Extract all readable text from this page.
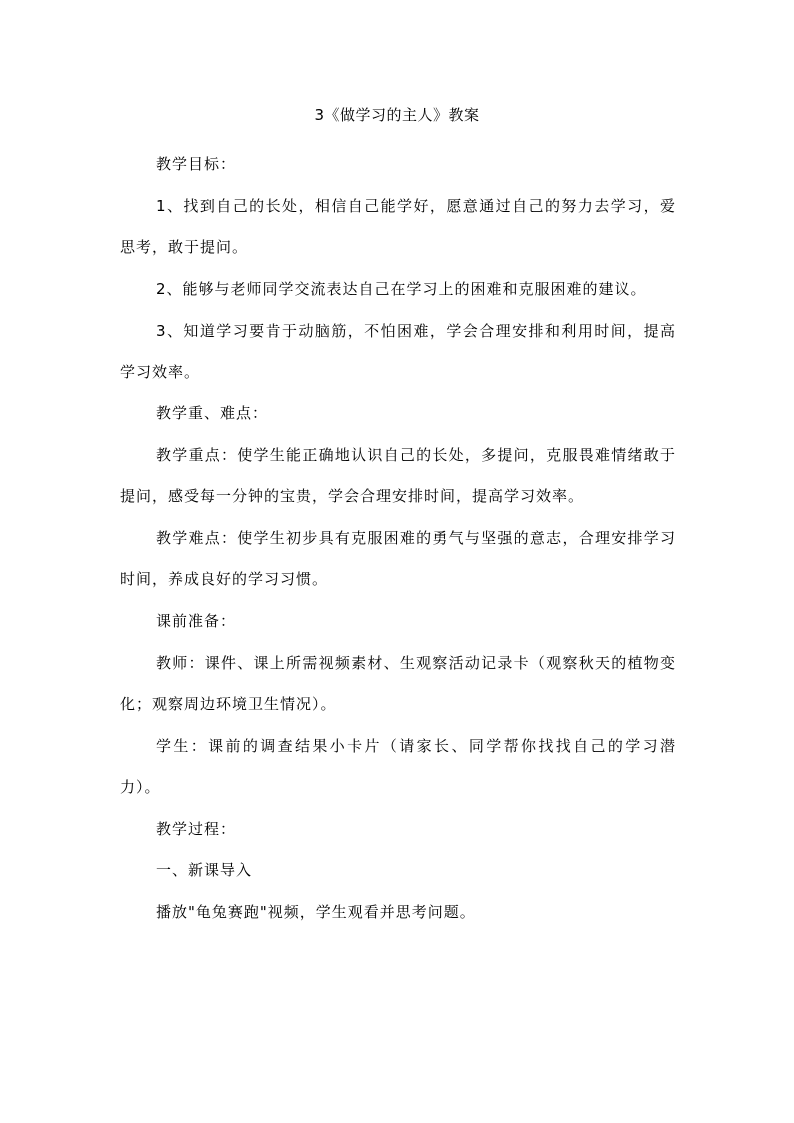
3《做学习的主人》教案

教学目标：

1、找到自己的长处，相信自己能学好，愿意通过自己的努力去学习，爱思考，敢于提问。

2、能够与老师同学交流表达自己在学习上的困难和克服困难的建议。

3、知道学习要肯于动脑筋，不怕困难，学会合理安排和利用时间，提高学习效率。

教学重、难点：

教学重点：使学生能正确地认识自己的长处，多提问，克服畏难情绪敢于提问，感受每一分钟的宝贵，学会合理安排时间，提高学习效率。

教学难点：使学生初步具有克服困难的勇气与坚强的意志，合理安排学习时间，养成良好的学习习惯。

课前准备：

教师：课件、课上所需视频素材、生观察活动记录卡（观察秋天的植物变化；观察周边环境卫生情况）。

学生：课前的调查结果小卡片（请家长、同学帮你找找自己的学习潜力）。

教学过程：

一、新课导入

播放"龟兔赛跑"视频，学生观看并思考问题。
